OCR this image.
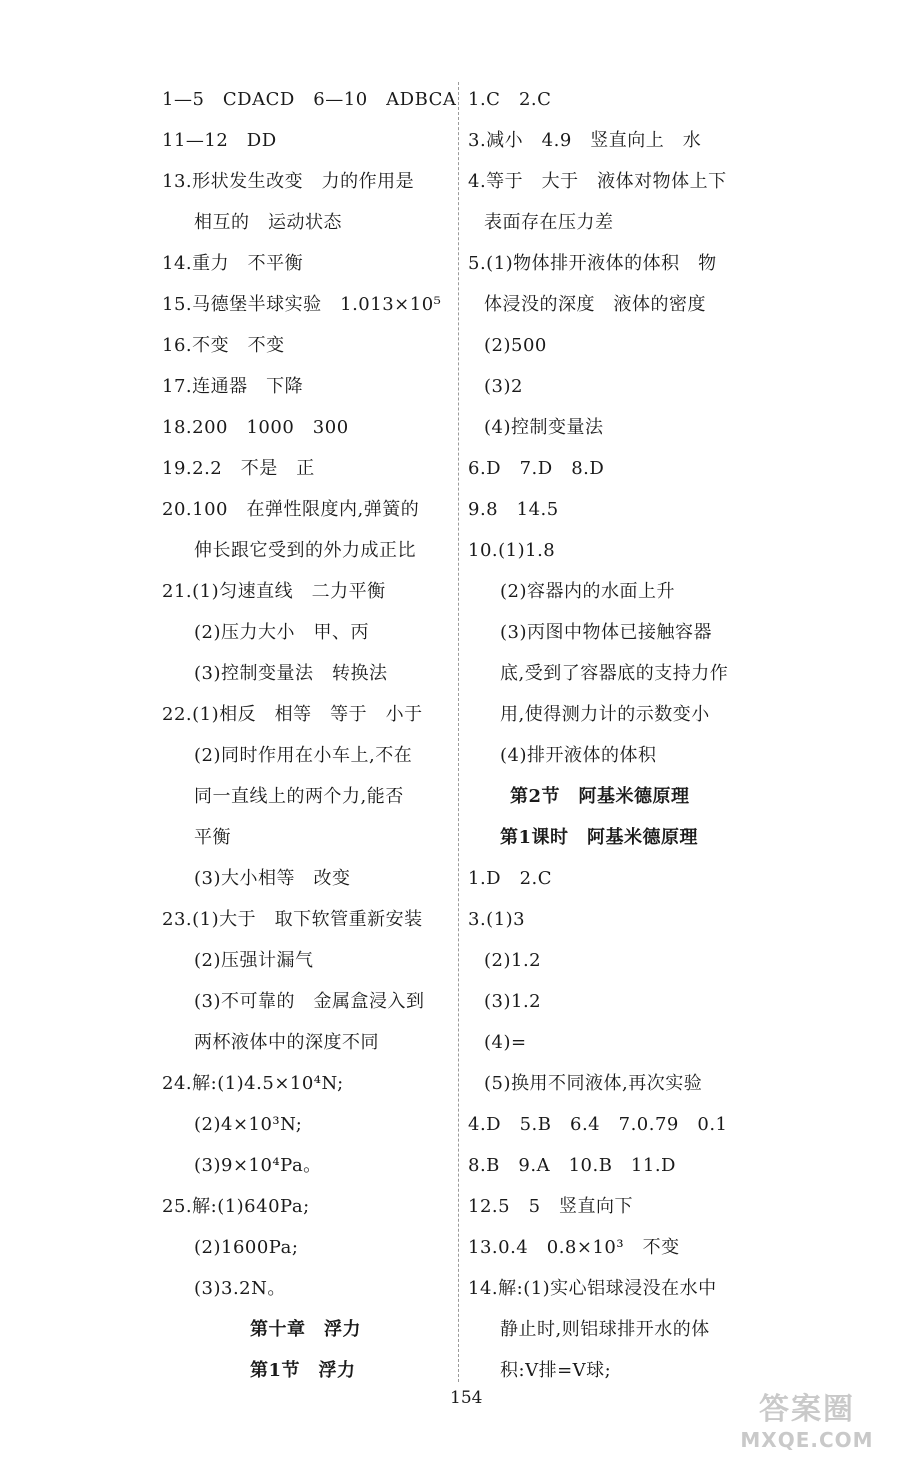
1—5　CDACD　6—10　ADBCA
11—12　DD
13.形状发生改变　力的作用是
相互的　运动状态
14.重力　不平衡
15.马德堡半球实验　1.013×10⁵
16.不变　不变
17.连通器　下降
18.200　1000　300
19.2.2　不是　正
20.100　在弹性限度内,弹簧的
伸长跟它受到的外力成正比
21.(1)匀速直线　二力平衡
(2)压力大小　甲、丙
(3)控制变量法　转换法
22.(1)相反　相等　等于　小于
(2)同时作用在小车上,不在
同一直线上的两个力,能否
平衡
(3)大小相等　改变
23.(1)大于　取下软管重新安装
(2)压强计漏气
(3)不可靠的　金属盒浸入到
两杯液体中的深度不同
24.解:(1)4.5×10⁴N;
(2)4×10³N;
(3)9×10⁴Pa。
25.解:(1)640Pa;
(2)1600Pa;
(3)3.2N。
第十章　浮力
第1节　浮力
1.C　2.C
3.减小　4.9　竖直向上　水
4.等于　大于　液体对物体上下
表面存在压力差
5.(1)物体排开液体的体积　物
体浸没的深度　液体的密度
(2)500
(3)2
(4)控制变量法
6.D　7.D　8.D
9.8　14.5
10.(1)1.8
(2)容器内的水面上升
(3)丙图中物体已接触容器
底,受到了容器底的支持力作
用,使得测力计的示数变小
(4)排开液体的体积
第2节　阿基米德原理
第1课时　阿基米德原理
1.D　2.C
3.(1)3
(2)1.2
(3)1.2
(4)=
(5)换用不同液体,再次实验
4.D　5.B　6.4　7.0.79　0.1
8.B　9.A　10.B　11.D
12.5　5　竖直向下
13.0.4　0.8×10³　不变
14.解:(1)实心铝球浸没在水中
静止时,则铝球排开水的体
积:V排=V球;
154	答案圈
MXQE.COM
